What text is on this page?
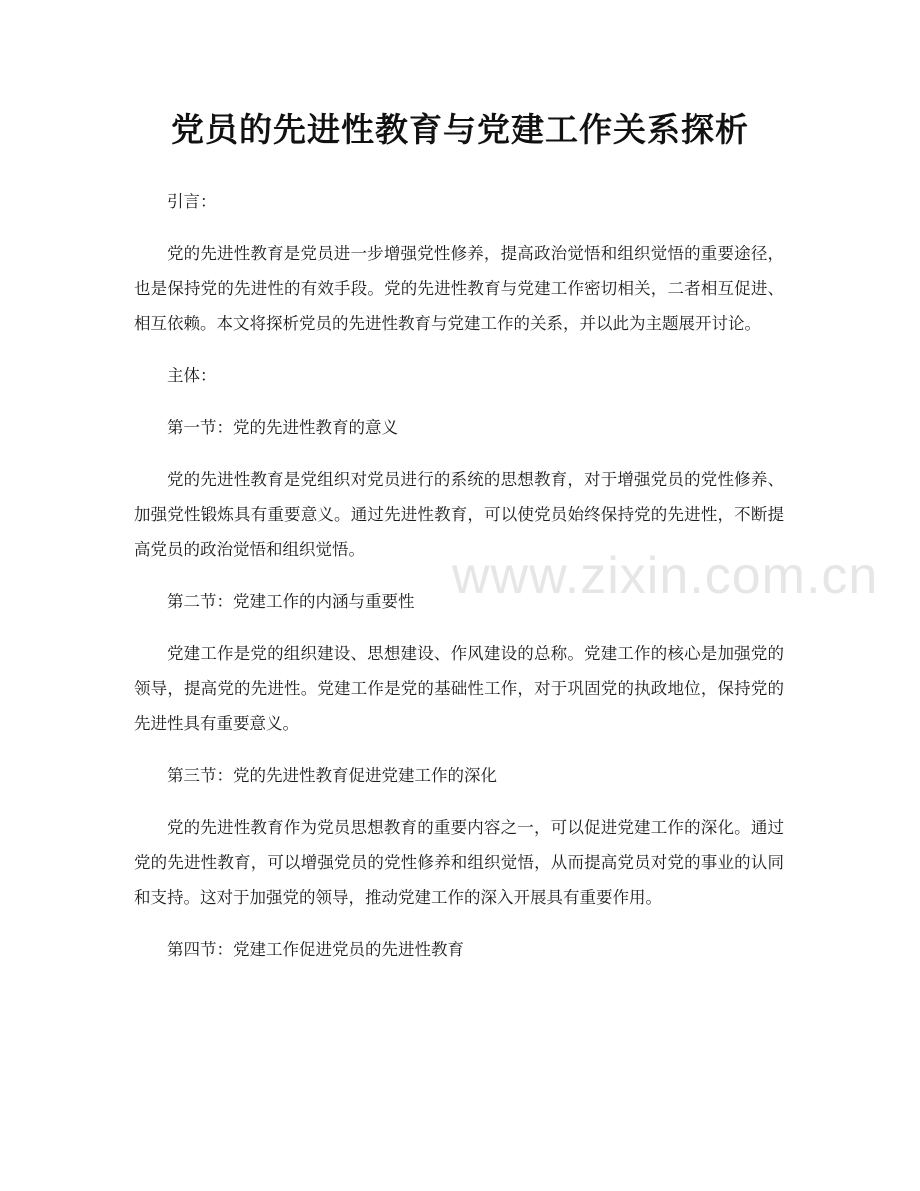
www.zixin.com.cn
党员的先进性教育与党建工作关系探析

引言：

党的先进性教育是党员进一步增强党性修养，提高政治觉悟和组织觉悟的重要途径，也是保持党的先进性的有效手段。党的先进性教育与党建工作密切相关，二者相互促进、相互依赖。本文将探析党员的先进性教育与党建工作的关系，并以此为主题展开讨论。

主体：

第一节：党的先进性教育的意义

党的先进性教育是党组织对党员进行的系统的思想教育，对于增强党员的党性修养、加强党性锻炼具有重要意义。通过先进性教育，可以使党员始终保持党的先进性，不断提高党员的政治觉悟和组织觉悟。

第二节：党建工作的内涵与重要性

党建工作是党的组织建设、思想建设、作风建设的总称。党建工作的核心是加强党的领导，提高党的先进性。党建工作是党的基础性工作，对于巩固党的执政地位，保持党的先进性具有重要意义。

第三节：党的先进性教育促进党建工作的深化

党的先进性教育作为党员思想教育的重要内容之一，可以促进党建工作的深化。通过党的先进性教育，可以增强党员的党性修养和组织觉悟，从而提高党员对党的事业的认同和支持。这对于加强党的领导，推动党建工作的深入开展具有重要作用。

第四节：党建工作促进党员的先进性教育
